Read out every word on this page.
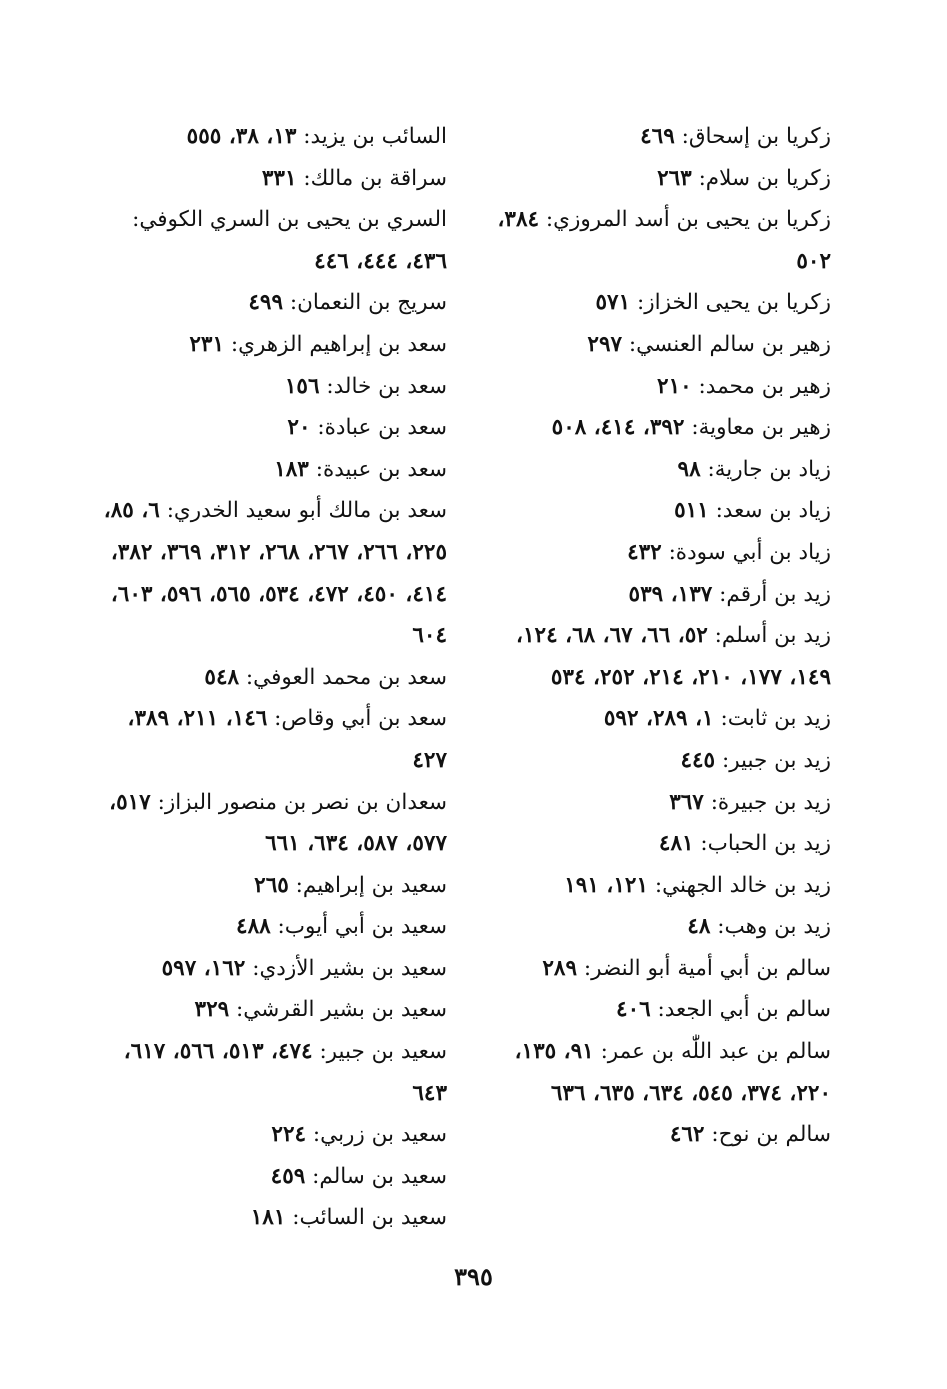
زكريا بن إسحاق: ٤٦٩

زكريا بن سلام: ٢٦٣

زكريا بن يحيى بن أسد المروزي: ٣٨٤، ٥٠٢

زكريا بن يحيى الخزاز: ٥٧١

زهير بن سالم العنسي: ٢٩٧

زهير بن محمد: ٢١٠

زهير بن معاوية: ٣٩٢، ٤١٤، ٥٠٨

زياد بن جارية: ٩٨

زياد بن سعد: ٥١١

زياد بن أبي سودة: ٤٣٢

زيد بن أرقم: ١٣٧، ٥٣٩

زيد بن أسلم: ٥٢، ٦٦، ٦٧، ٦٨، ١٢٤، ١٤٩، ١٧٧، ٢١٠، ٢١٤، ٢٥٢، ٥٣٤

زيد بن ثابت: ١، ٢٨٩، ٥٩٢

زيد بن جبير: ٤٤٥

زيد بن جبيرة: ٣٦٧

زيد بن الحباب: ٤٨١

زيد بن خالد الجهني: ١٢١، ١٩١

زيد بن وهب: ٤٨

سالم بن أبي أمية أبو النضر: ٢٨٩

سالم بن أبي الجعد: ٤٠٦

سالم بن عبد اللّٰه بن عمر: ٩١، ١٣٥، ٢٢٠، ٣٧٤، ٥٤٥، ٦٣٤، ٦٣٥، ٦٣٦

سالم بن نوح: ٤٦٢

السائب بن يزيد: ١٣، ٣٨، ٥٥٥

سراقة بن مالك: ٣٣١

السري بن يحيى بن السري الكوفي: ٤٣٦، ٤٤٤، ٤٤٦

سريج بن النعمان: ٤٩٩

سعد بن إبراهيم الزهري: ٢٣١

سعد بن خالد: ١٥٦

سعد بن عبادة: ٢٠

سعد بن عبيدة: ١٨٣

سعد بن مالك أبو سعيد الخدري: ٦، ٨٥، ٢٢٥، ٢٦٦، ٢٦٧، ٢٦٨، ٣١٢، ٣٦٩، ٣٨٢، ٤١٤، ٤٥٠، ٤٧٢، ٥٣٤، ٥٦٥، ٥٩٦، ٦٠٣، ٦٠٤

سعد بن محمد العوفي: ٥٤٨

سعد بن أبي وقاص: ١٤٦، ٢١١، ٣٨٩، ٤٢٧

سعدان بن نصر بن منصور البزاز: ٥١٧، ٥٧٧، ٥٨٧، ٦٣٤، ٦٦١

سعيد بن إبراهيم: ٢٦٥

سعيد بن أبي أيوب: ٤٨٨

سعيد بن بشير الأزدي: ١٦٢، ٥٩٧

سعيد بن بشير القرشي: ٣٢٩

سعيد بن جبير: ٤٧٤، ٥١٣، ٥٦٦، ٦١٧، ٦٤٣

سعيد بن زربي: ٢٢٤

سعيد بن سالم: ٤٥٩

سعيد بن السائب: ١٨١

٣٩٥
